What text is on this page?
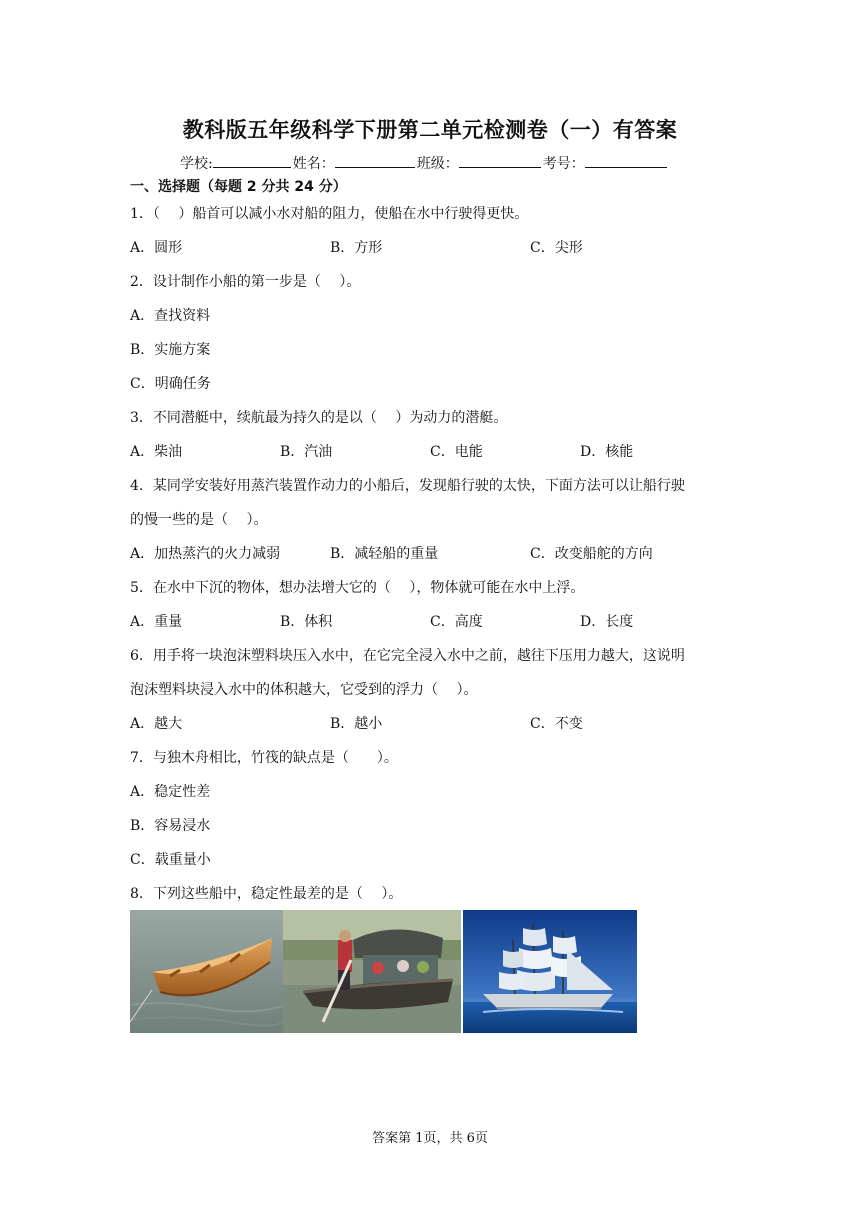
教科版五年级科学下册第二单元检测卷（一）有答案
学校:	姓名：	班级：	考号：
一、选择题（每题 2 分共 24 分）
1．（　 ）船首可以减小水对船的阻力，使船在水中行驶得更快。
A．圆形	B．方形	C．尖形
2．设计制作小船的第一步是（　 ）。
A．查找资料
B．实施方案
C．明确任务
3．不同潜艇中，续航最为持久的是以（　 ）为动力的潜艇。
A．柴油	B．汽油	C．电能	D．核能
4．某同学安装好用蒸汽装置作动力的小船后，发现船行驶的太快，下面方法可以让船行驶
的慢一些的是（　 ）。
A．加热蒸汽的火力减弱	B．减轻船的重量	C．改变船舵的方向
5．在水中下沉的物体，想办法增大它的（　 ），物体就可能在水中上浮。
A．重量	B．体积	C．高度	D．长度
6．用手将一块泡沫塑料块压入水中，在它完全浸入水中之前，越往下压用力越大，这说明
泡沫塑料块浸入水中的体积越大，它受到的浮力（　 ）。
A．越大	B．越小	C．不变
7．与独木舟相比，竹筏的缺点是（　　）。
A．稳定性差
B．容易浸水
C．载重量小
8．下列这些船中，稳定性最差的是（　 ）。
答案第 1页，共 6页
